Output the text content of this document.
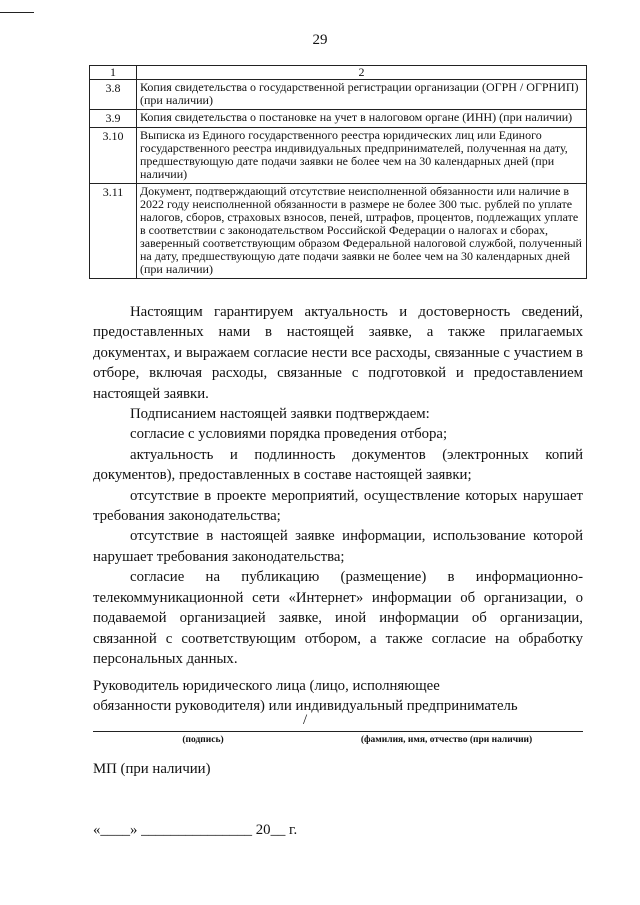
29
1	2
3.8	Копия свидетельства о государственной регистрации организации (ОГРН / ОГРНИП) (при наличии)
3.9	Копия свидетельства о постановке на учет в налоговом органе (ИНН) (при наличии)
3.10	Выписка из Единого государственного реестра юридических лиц или Единого государственного реестра индивидуальных предпринимателей, полученная на дату, предшествующую дате подачи заявки не более чем на 30 календарных дней (при наличии)
3.11	Документ, подтверждающий отсутствие неисполненной обязанности или наличие в 2022 году неисполненной обязанности в размере не более 300 тыс. рублей по уплате налогов, сборов, страховых взносов, пеней, штрафов, процентов, подлежащих уплате в соответствии с законодательством Российской Федерации о налогах и сборах, заверенный соответствующим образом Федеральной налоговой службой, полученный на дату, предшествующую дате подачи заявки не более чем на 30 календарных дней (при наличии)

Настоящим гарантируем актуальность и достоверность сведений, предоставленных нами в настоящей заявке, а также прилагаемых документах, и выражаем согласие нести все расходы, связанные с участием в отборе, включая расходы, связанные с подготовкой и предоставлением настоящей заявки.

Подписанием настоящей заявки подтверждаем:

согласие с условиями порядка проведения отбора;

актуальность и подлинность документов (электронных копий документов), предоставленных в составе настоящей заявки;

отсутствие в проекте мероприятий, осуществление которых нарушает требования законодательства;

отсутствие в настоящей заявке информации, использование которой нарушает требования законодательства;

согласие на публикацию (размещение) в информационно-телекоммуникационной сети «Интернет» информации об организации, о подаваемой организацией заявке, иной информации об организации, связанной с соответствующим отбором, а также согласие на обработку персональных данных.

Руководитель юридического лица (лицо, исполняющее

обязанности руководителя) или индивидуальный предприниматель

/
(подпись)	(фамилия, имя, отчество (при наличии)
МП (при наличии)
«____» _______________ 20__ г.
